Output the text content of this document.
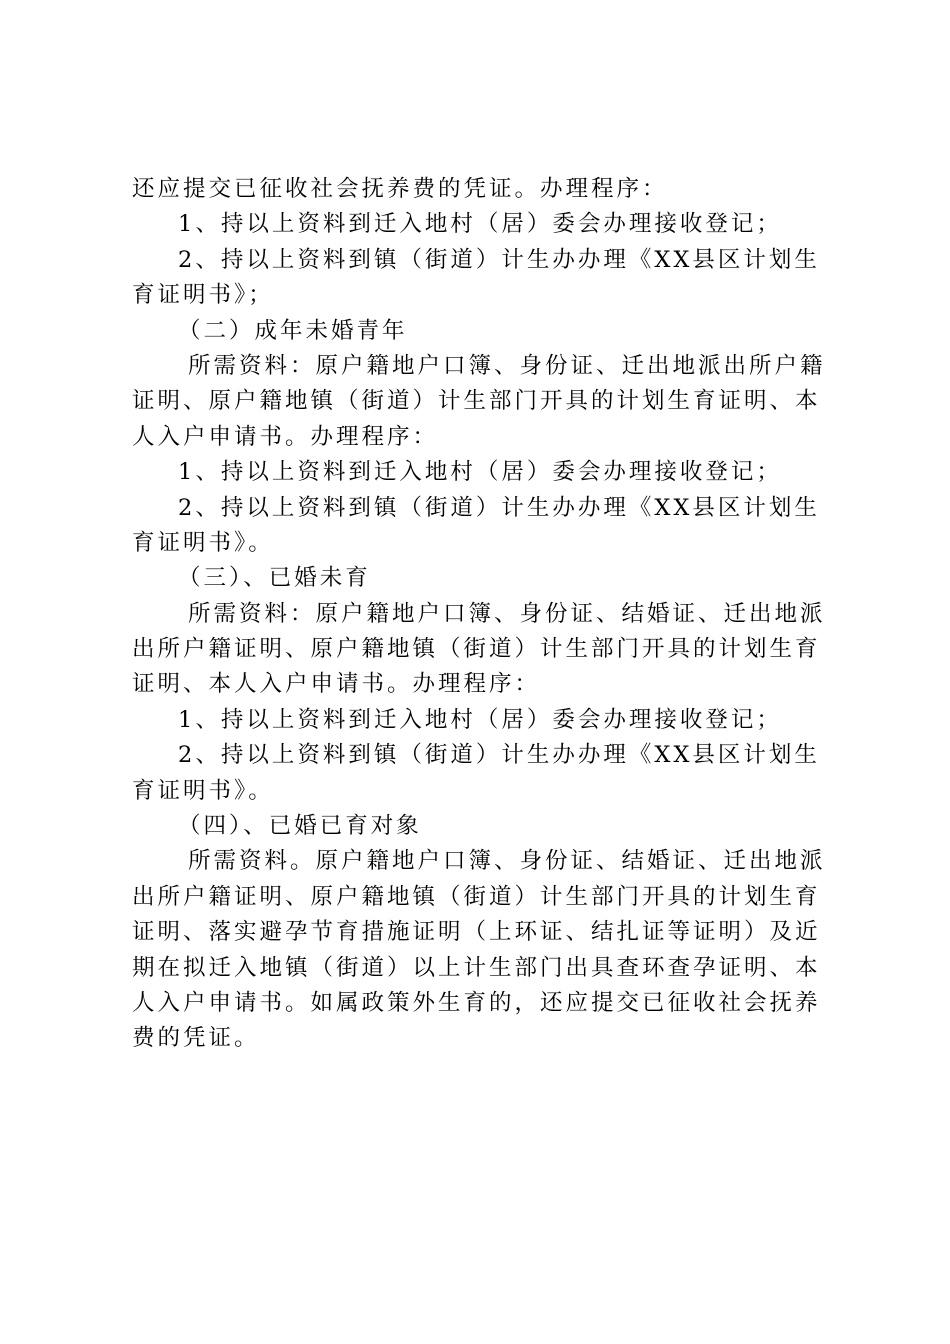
还应提交已征收社会抚养费的凭证。办理程序：
1、持以上资料到迁入地村（居）委会办理接收登记；
2、持以上资料到镇（街道）计生办办理《XX县区计划生
育证明书》；
（二）成年未婚青年
所需资料：原户籍地户口簿、身份证、迁出地派出所户籍
证明、原户籍地镇（街道）计生部门开具的计划生育证明、本
人入户申请书。办理程序：
1、持以上资料到迁入地村（居）委会办理接收登记；
2、持以上资料到镇（街道）计生办办理《XX县区计划生
育证明书》。
（三）、已婚未育
所需资料：原户籍地户口簿、身份证、结婚证、迁出地派
出所户籍证明、原户籍地镇（街道）计生部门开具的计划生育
证明、本人入户申请书。办理程序：
1、持以上资料到迁入地村（居）委会办理接收登记；
2、持以上资料到镇（街道）计生办办理《XX县区计划生
育证明书》。
（四）、已婚已育对象
所需资料。原户籍地户口簿、身份证、结婚证、迁出地派
出所户籍证明、原户籍地镇（街道）计生部门开具的计划生育
证明、落实避孕节育措施证明（上环证、结扎证等证明）及近
期在拟迁入地镇（街道）以上计生部门出具查环查孕证明、本
人入户申请书。如属政策外生育的，还应提交已征收社会抚养
费的凭证。
